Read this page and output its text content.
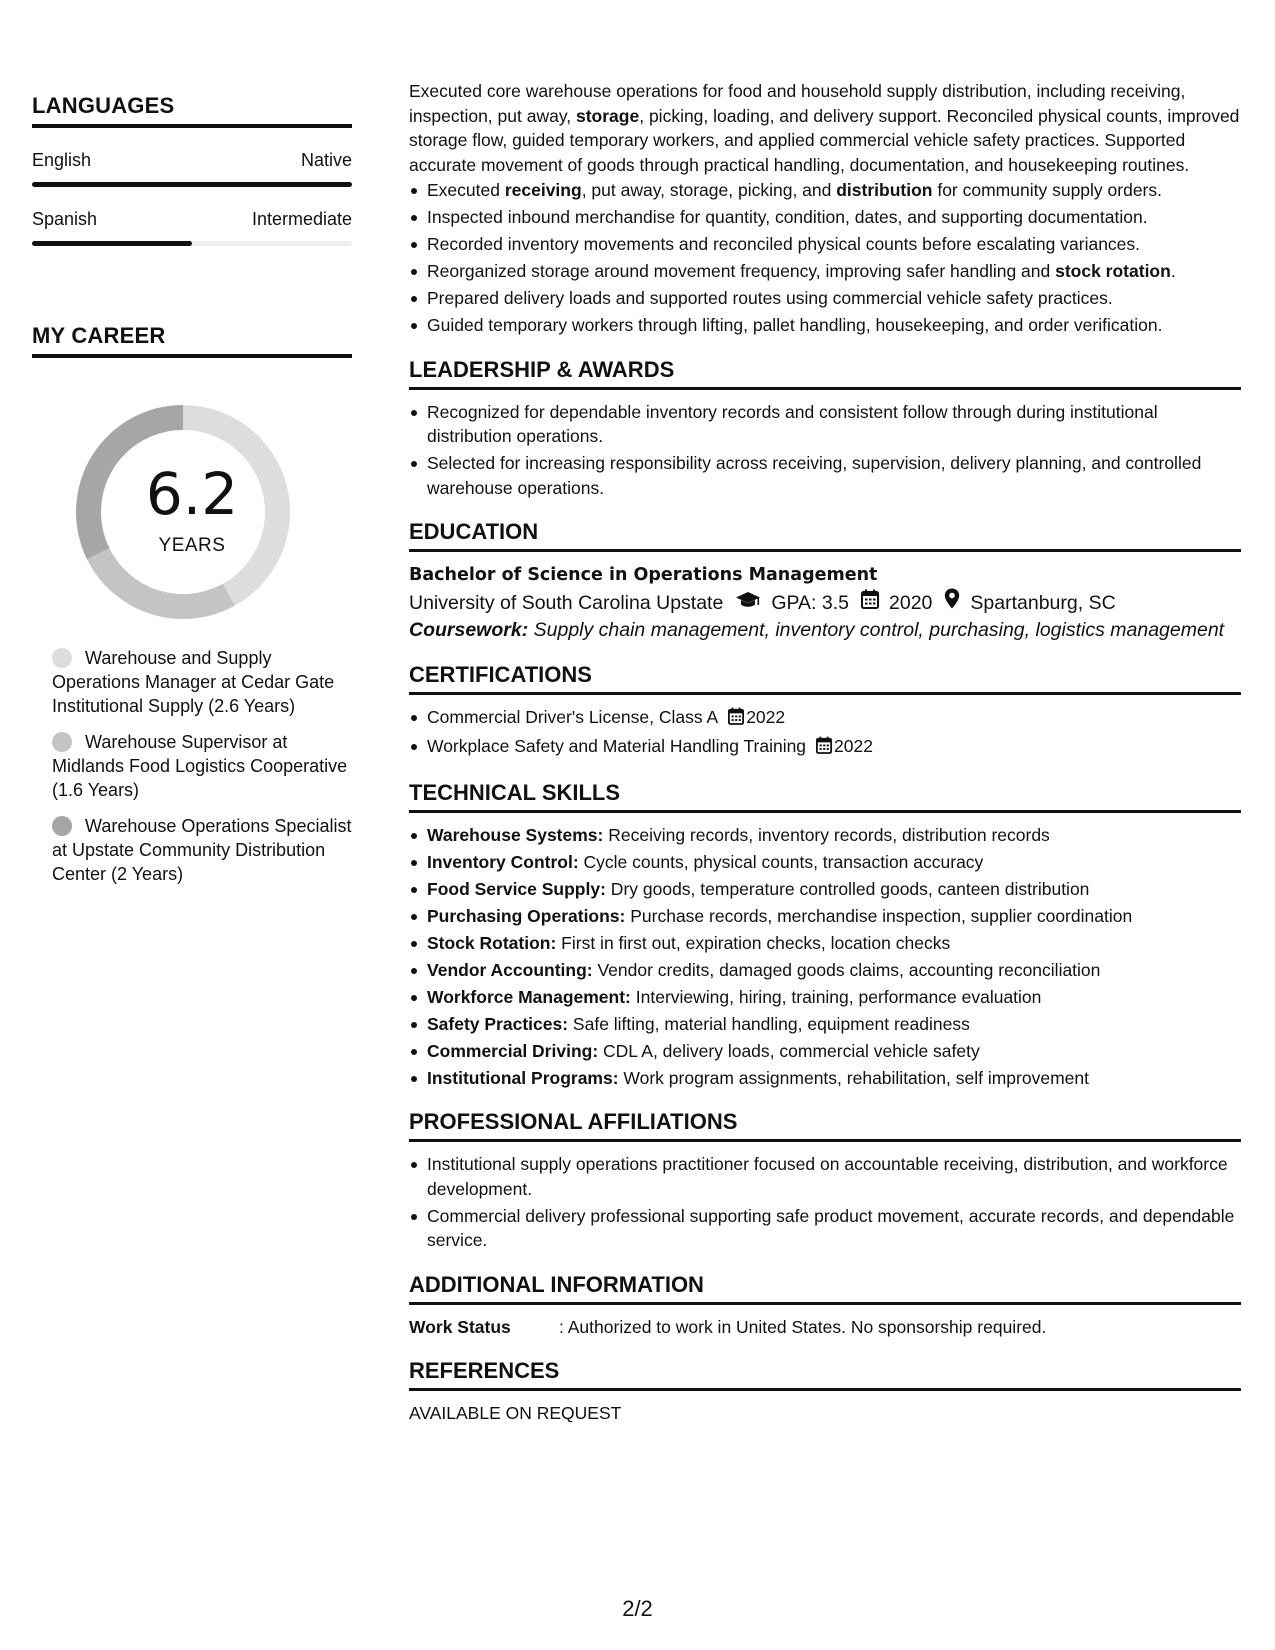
LANGUAGES
English	Native
Spanish	Intermediate
MY CAREER
6.2
YEARS
Warehouse and Supply Operations Manager at Cedar Gate Institutional Supply (2.6 Years)
Warehouse Supervisor at Midlands Food Logistics Cooperative (1.6 Years)
Warehouse Operations Specialist at Upstate Community Distribution Center (2 Years)

Executed core warehouse operations for food and household supply distribution, including receiving, inspection, put away, storage, picking, loading, and delivery support. Reconciled physical counts, improved storage flow, guided temporary workers, and applied commercial vehicle safety practices. Supported accurate movement of goods through practical handling, documentation, and housekeeping routines.

Executed receiving, put away, storage, picking, and distribution for community supply orders.
Inspected inbound merchandise for quantity, condition, dates, and supporting documentation.
Recorded inventory movements and reconciled physical counts before escalating variances.
Reorganized storage around movement frequency, improving safer handling and stock rotation.
Prepared delivery loads and supported routes using commercial vehicle safety practices.
Guided temporary workers through lifting, pallet handling, housekeeping, and order verification.
LEADERSHIP & AWARDS
Recognized for dependable inventory records and consistent follow through during institutional distribution operations.
Selected for increasing responsibility across receiving, supervision, delivery planning, and controlled warehouse operations.
EDUCATION
Bachelor of Science in Operations Management
University of South Carolina Upstate GPA: 3.5 2020 Spartanburg, SC
Coursework: Supply chain management, inventory control, purchasing, logistics management
CERTIFICATIONS
Commercial Driver's License, Class A 2022
Workplace Safety and Material Handling Training 2022
TECHNICAL SKILLS
Warehouse Systems: Receiving records, inventory records, distribution records
Inventory Control: Cycle counts, physical counts, transaction accuracy
Food Service Supply: Dry goods, temperature controlled goods, canteen distribution
Purchasing Operations: Purchase records, merchandise inspection, supplier coordination
Stock Rotation: First in first out, expiration checks, location checks
Vendor Accounting: Vendor credits, damaged goods claims, accounting reconciliation
Workforce Management: Interviewing, hiring, training, performance evaluation
Safety Practices: Safe lifting, material handling, equipment readiness
Commercial Driving: CDL A, delivery loads, commercial vehicle safety
Institutional Programs: Work program assignments, rehabilitation, self improvement
PROFESSIONAL AFFILIATIONS
Institutional supply operations practitioner focused on accountable receiving, distribution, and workforce development.
Commercial delivery professional supporting safe product movement, accurate records, and dependable service.
ADDITIONAL INFORMATION
Work Status	: Authorized to work in United States. No sponsorship required.
REFERENCES
AVAILABLE ON REQUEST
2/2
